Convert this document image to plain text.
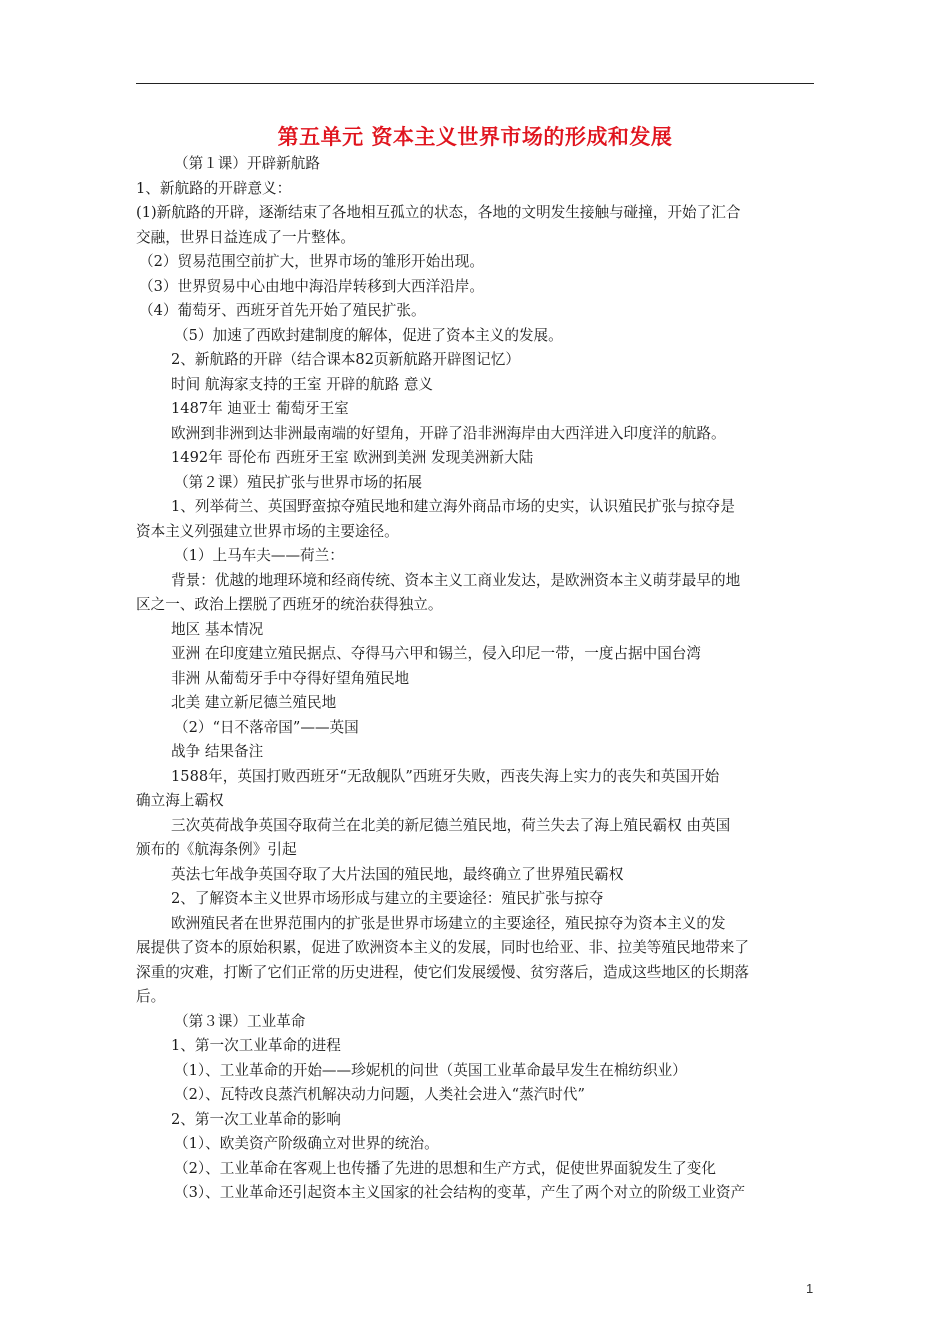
第五单元 资本主义世界市场的形成和发展
（第１课）开辟新航路
1、新航路的开辟意义：
(1)新航路的开辟，逐渐结束了各地相互孤立的状态，各地的文明发生接触与碰撞，开始了汇合
交融，世界日益连成了一片整体。
（2）贸易范围空前扩大，世界市场的雏形开始出现。
（3）世界贸易中心由地中海沿岸转移到大西洋沿岸。
（4）葡萄牙、西班牙首先开始了殖民扩张。
（5）加速了西欧封建制度的解体，促进了资本主义的发展。
2、新航路的开辟（结合课本82页新航路开辟图记忆）
时间 航海家支持的王室 开辟的航路 意义
1487年 迪亚士 葡萄牙王室
欧洲到非洲到达非洲最南端的好望角，开辟了沿非洲海岸由大西洋进入印度洋的航路。
1492年 哥伦布 西班牙王室 欧洲到美洲 发现美洲新大陆
（第２课）殖民扩张与世界市场的拓展
1、列举荷兰、英国野蛮掠夺殖民地和建立海外商品市场的史实，认识殖民扩张与掠夺是
资本主义列强建立世界市场的主要途径。
（1）上马车夫——荷兰：
背景：优越的地理环境和经商传统、资本主义工商业发达，是欧洲资本主义萌芽最早的地
区之一、政治上摆脱了西班牙的统治获得独立。
地区 基本情况
亚洲 在印度建立殖民据点、夺得马六甲和锡兰，侵入印尼一带，一度占据中国台湾
非洲 从葡萄牙手中夺得好望角殖民地
北美 建立新尼德兰殖民地
（2）“日不落帝国”——英国
战争 结果备注
1588年，英国打败西班牙“无敌舰队”西班牙失败，西丧失海上实力的丧失和英国开始
确立海上霸权
三次英荷战争英国夺取荷兰在北美的新尼德兰殖民地，荷兰失去了海上殖民霸权 由英国
颁布的《航海条例》引起
英法七年战争英国夺取了大片法国的殖民地，最终确立了世界殖民霸权
2、了解资本主义世界市场形成与建立的主要途径：殖民扩张与掠夺
欧洲殖民者在世界范围内的扩张是世界市场建立的主要途径，殖民掠夺为资本主义的发
展提供了资本的原始积累，促进了欧洲资本主义的发展，同时也给亚、非、拉美等殖民地带来了
深重的灾难，打断了它们正常的历史进程，使它们发展缓慢、贫穷落后，造成这些地区的长期落
后。
（第３课）工业革命
1、第一次工业革命的进程
（1）、工业革命的开始——珍妮机的问世（英国工业革命最早发生在棉纺织业）
（2）、瓦特改良蒸汽机解决动力问题，人类社会进入“蒸汽时代”
2、第一次工业革命的影响
（1）、欧美资产阶级确立对世界的统治。
（2）、工业革命在客观上也传播了先进的思想和生产方式，促使世界面貌发生了变化
（3）、工业革命还引起资本主义国家的社会结构的变革，产生了两个对立的阶级工业资产
1
